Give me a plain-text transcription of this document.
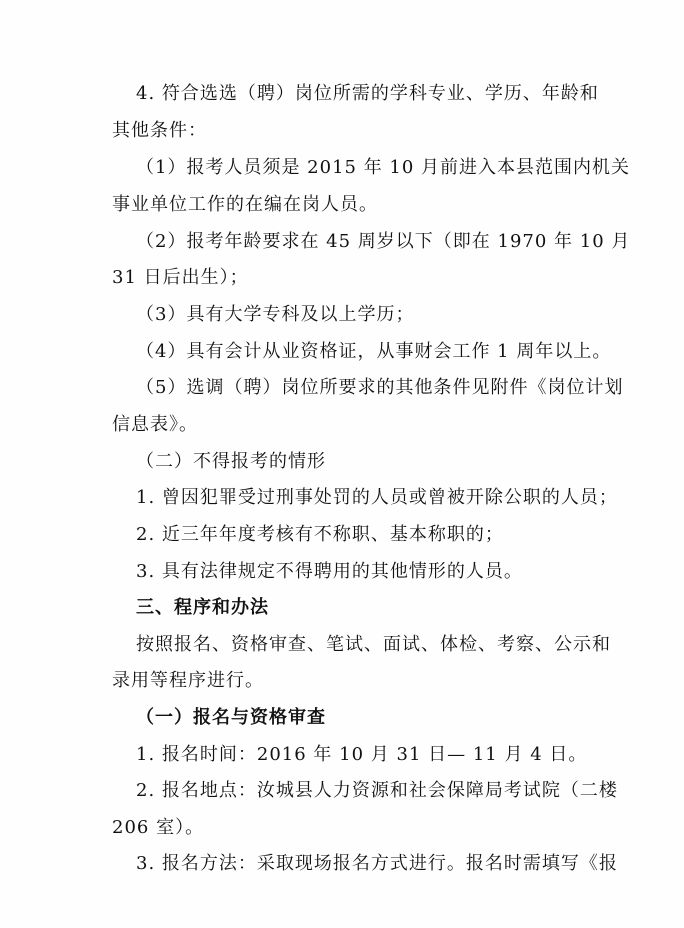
4. 符合选选（聘）岗位所需的学科专业、学历、年龄和
其他条件：
（1）报考人员须是 2015 年 10 月前进入本县范围内机关
事业单位工作的在编在岗人员。
（2）报考年龄要求在 45 周岁以下（即在 1970 年 10 月
31 日后出生）；
（3）具有大学专科及以上学历；
（4）具有会计从业资格证，从事财会工作 1 周年以上。
（5）选调（聘）岗位所要求的其他条件见附件《岗位计划
信息表》。
（二）不得报考的情形
1. 曾因犯罪受过刑事处罚的人员或曾被开除公职的人员；
2. 近三年年度考核有不称职、基本称职的；
3. 具有法律规定不得聘用的其他情形的人员。
三、程序和办法
按照报名、资格审查、笔试、面试、体检、考察、公示和
录用等程序进行。
（一）报名与资格审查
1. 报名时间：2016 年 10 月 31 日— 11 月 4 日。
2. 报名地点：汝城县人力资源和社会保障局考试院（二楼
206 室）。
3. 报名方法：采取现场报名方式进行。报名时需填写《报
